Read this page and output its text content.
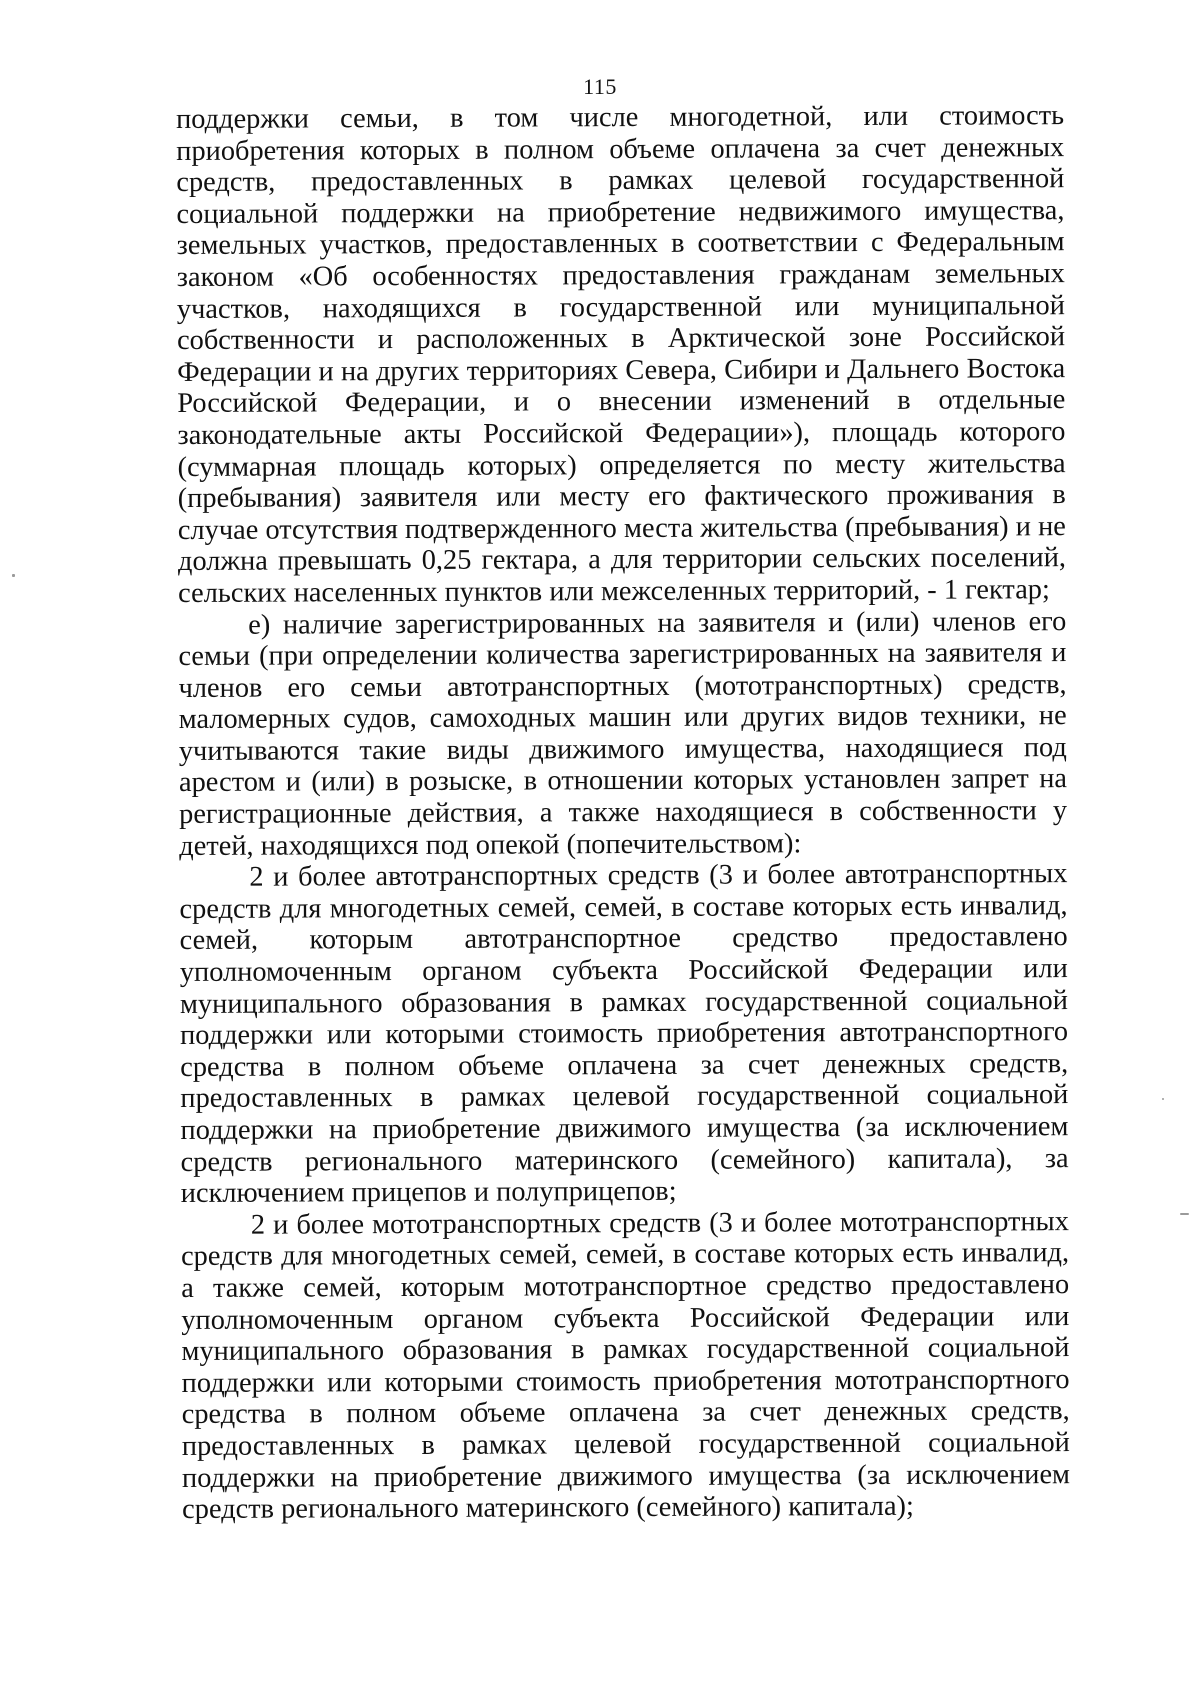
115

поддержки семьи, в том числе многодетной, или стоимость приобретения которых в полном объеме оплачена за счет денежных средств, предоставленных в рамках целевой государственной социальной поддержки на приобретение недвижимого имущества, земельных участков, предоставленных в соответствии с Федеральным законом «Об особенностях предоставления гражданам земельных участков, находящихся в государственной или муниципальной собственности и расположенных в Арктической зоне Российской Федерации и на других территориях Севера, Сибири и Дальнего Востока Российской Федерации, и о внесении изменений в отдельные законодательные акты Российской Федерации»), площадь которого (суммарная площадь которых) определяется по месту жительства (пребывания) заявителя или месту его фактического проживания в случае отсутствия подтвержденного места жительства (пребывания) и не должна превышать 0,25 гектара, а для территории сельских поселений, сельских населенных пунктов или межселенных территорий, - 1 гектар;

е) наличие зарегистрированных на заявителя и (или) членов его семьи (при определении количества зарегистрированных на заявителя и членов его семьи автотранспортных (мототранспортных) средств, маломерных судов, самоходных машин или других видов техники, не учитываются такие виды движимого имущества, находящиеся под арестом и (или) в розыске, в отношении которых установлен запрет на регистрационные действия, а также находящиеся в собственности у детей, находящихся под опекой (попечительством):

2 и более автотранспортных средств (3 и более автотранспортных средств для многодетных семей, семей, в составе которых есть инвалид, семей, которым автотранспортное средство предоставлено уполномоченным органом субъекта Российской Федерации или муниципального образования в рамках государственной социальной поддержки или которыми стоимость приобретения автотранспортного средства в полном объеме оплачена за счет денежных средств, предоставленных в рамках целевой государственной социальной поддержки на приобретение движимого имущества (за исключением средств регионального материнского (семейного) капитала), за исключением прицепов и полуприцепов;

2 и более мототранспортных средств (3 и более мототранспортных средств для многодетных семей, семей, в составе которых есть инвалид, а также семей, которым мототранспортное средство предоставлено уполномоченным органом субъекта Российской Федерации или муниципального образования в рамках государственной социальной поддержки или которыми стоимость приобретения мототранспортного средства в полном объеме оплачена за счет денежных средств, предоставленных в рамках целевой государственной социальной поддержки на приобретение движимого имущества (за исключением средств регионального материнского (семейного) капитала);
